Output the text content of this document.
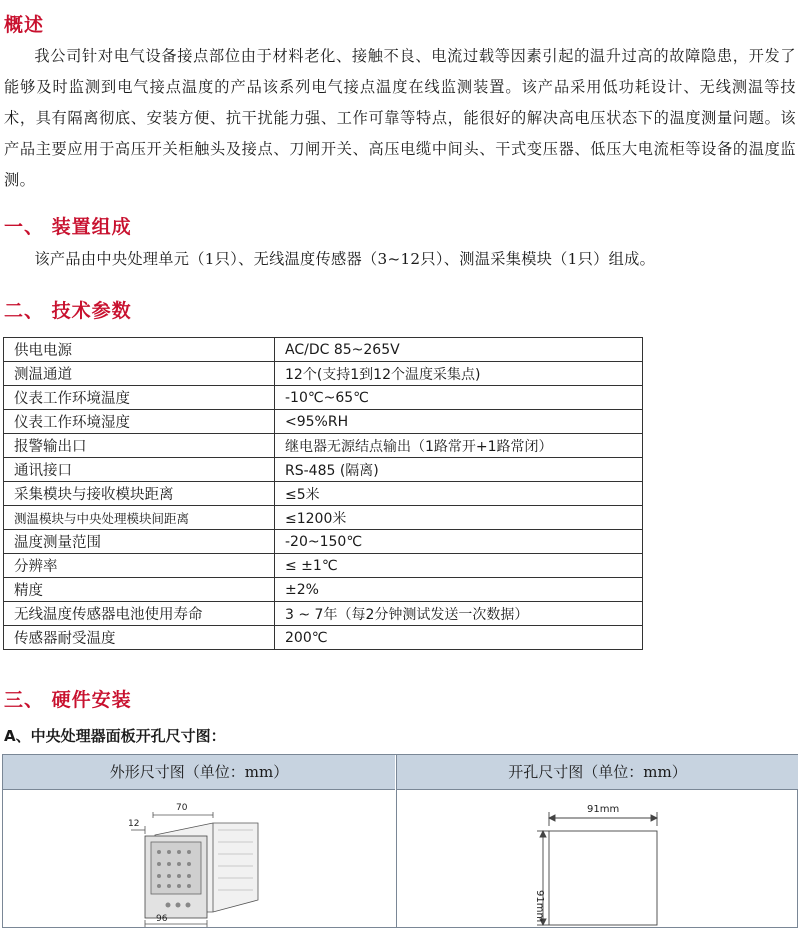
概述

我公司针对电气设备接点部位由于材料老化、接触不良、电流过载等因素引起的温升过高的故障隐患，开发了能够及时监测到电气接点温度的产品该系列电气接点温度在线监测装置。该产品采用低功耗设计、无线测温等技术，具有隔离彻底、安装方便、抗干扰能力强、工作可靠等特点，能很好的解决高电压状态下的温度测量问题。该产品主要应用于高压开关柜触头及接点、刀闸开关、高压电缆中间头、干式变压器、低压大电流柜等设备的温度监测。

一、 装置组成

该产品由中央处理单元（1只）、无线温度传感器（3~12只）、测温采集模块（1只）组成。

二、 技术参数
供电电源	AC/DC 85~265V
测温通道	12个(支持1到12个温度采集点)
仪表工作环境温度	-10℃~65℃
仪表工作环境湿度	<95%RH
报警输出口	继电器无源结点输出（1路常开+1路常闭）
通讯接口	RS-485 (隔离)
采集模块与接收模块距离	≤5米
测温模块与中央处理模块间距离	≤1200米
温度测量范围	-20~150℃
分辨率	≤ ±1℃
精度	±2%
无线温度传感器电池使用寿命	3 ~ 7年（每2分钟测试发送一次数据）
传感器耐受温度	200℃
三、 硬件安装

A、中央处理器面板开孔尺寸图：

外形尺寸图（单位：mm）	开孔尺寸图（单位：mm）
70
12
96
91mm
91mm
